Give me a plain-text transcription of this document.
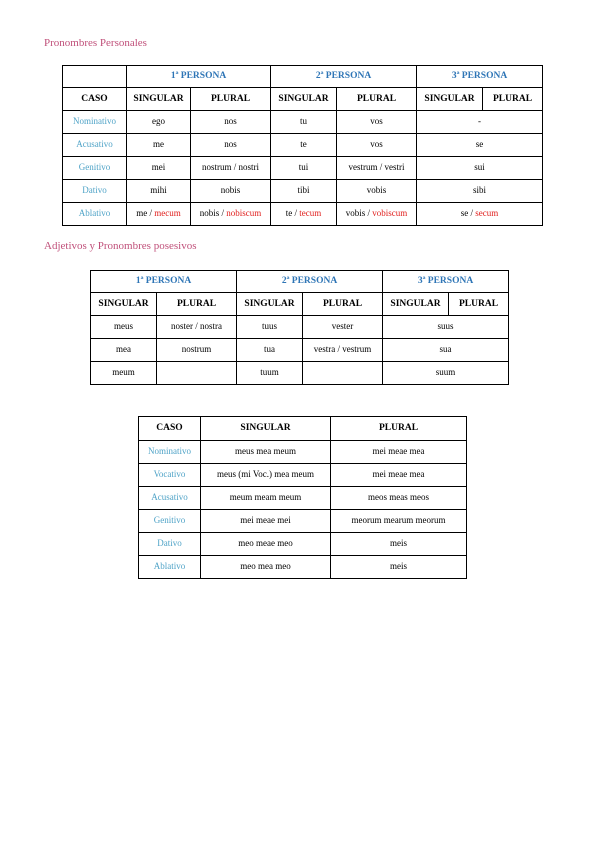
Pronombres Personales
	1ª PERSONA		2ª PERSONA		3ª PERSONA	
CASO	SINGULAR	PLURAL	SINGULAR	PLURAL	SINGULAR	PLURAL
Nominativo	ego	nos	tu	vos	-	
Acusativo	me	nos	te	vos	se	
Genitivo	mei	nostrum / nostri	tui	vestrum / vestri	sui	
Dativo	mihi	nobis	tibi	vobis	sibi	
Ablativo	me / mecum	nobis / nobiscum	te / tecum	vobis / vobiscum	se / secum	
Adjetivos y Pronombres posesivos
1ª PERSONA		2ª PERSONA		3ª PERSONA	
SINGULAR	PLURAL	SINGULAR	PLURAL	SINGULAR	PLURAL
meus	noster / nostra	tuus	vester	suus	
mea	nostrum	tua	vestra / vestrum	sua	
meum		tuum		suum	
CASO	SINGULAR	PLURAL
Nominativo	meus mea meum	mei meae mea
Vocativo	meus (mi Voc.) mea meum	mei meae mea
Acusativo	meum meam meum	meos meas meos
Genitivo	mei meae mei	meorum mearum meorum
Dativo	meo meae meo	meis
Ablativo	meo mea meo	meis
